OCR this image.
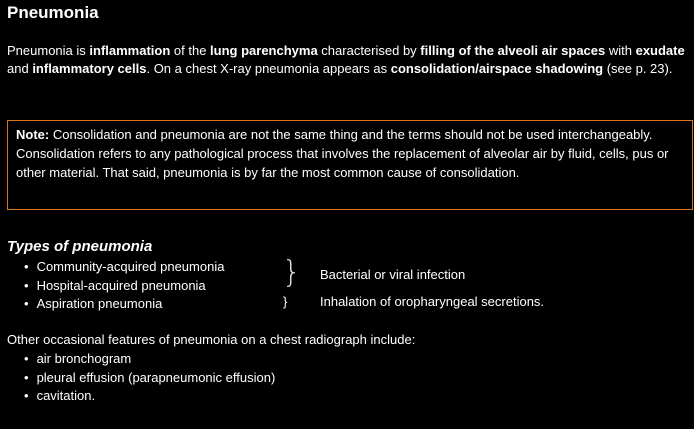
Pneumonia

Pneumonia is inflammation of the lung parenchyma characterised by filling of the alveoli air spaces with exudate and inflammatory cells. On a chest X-ray pneumonia appears as consolidation/airspace shadowing (see p. 23).

Note: Consolidation and pneumonia are not the same thing and the terms should not be used interchangeably. Consolidation refers to any pathological process that involves the replacement of alveolar air by fluid, cells, pus or other material. That said, pneumonia is by far the most common cause of consolidation.

Types of pneumonia
• Community-acquired pneumonia
• Hospital-acquired pneumonia
• Aspiration pneumonia
}
}
Bacterial or viral infection
Inhalation of oropharyngeal secretions.

Other occasional features of pneumonia on a chest radiograph include:

• air bronchogram
• pleural effusion (parapneumonic effusion)
• cavitation.
